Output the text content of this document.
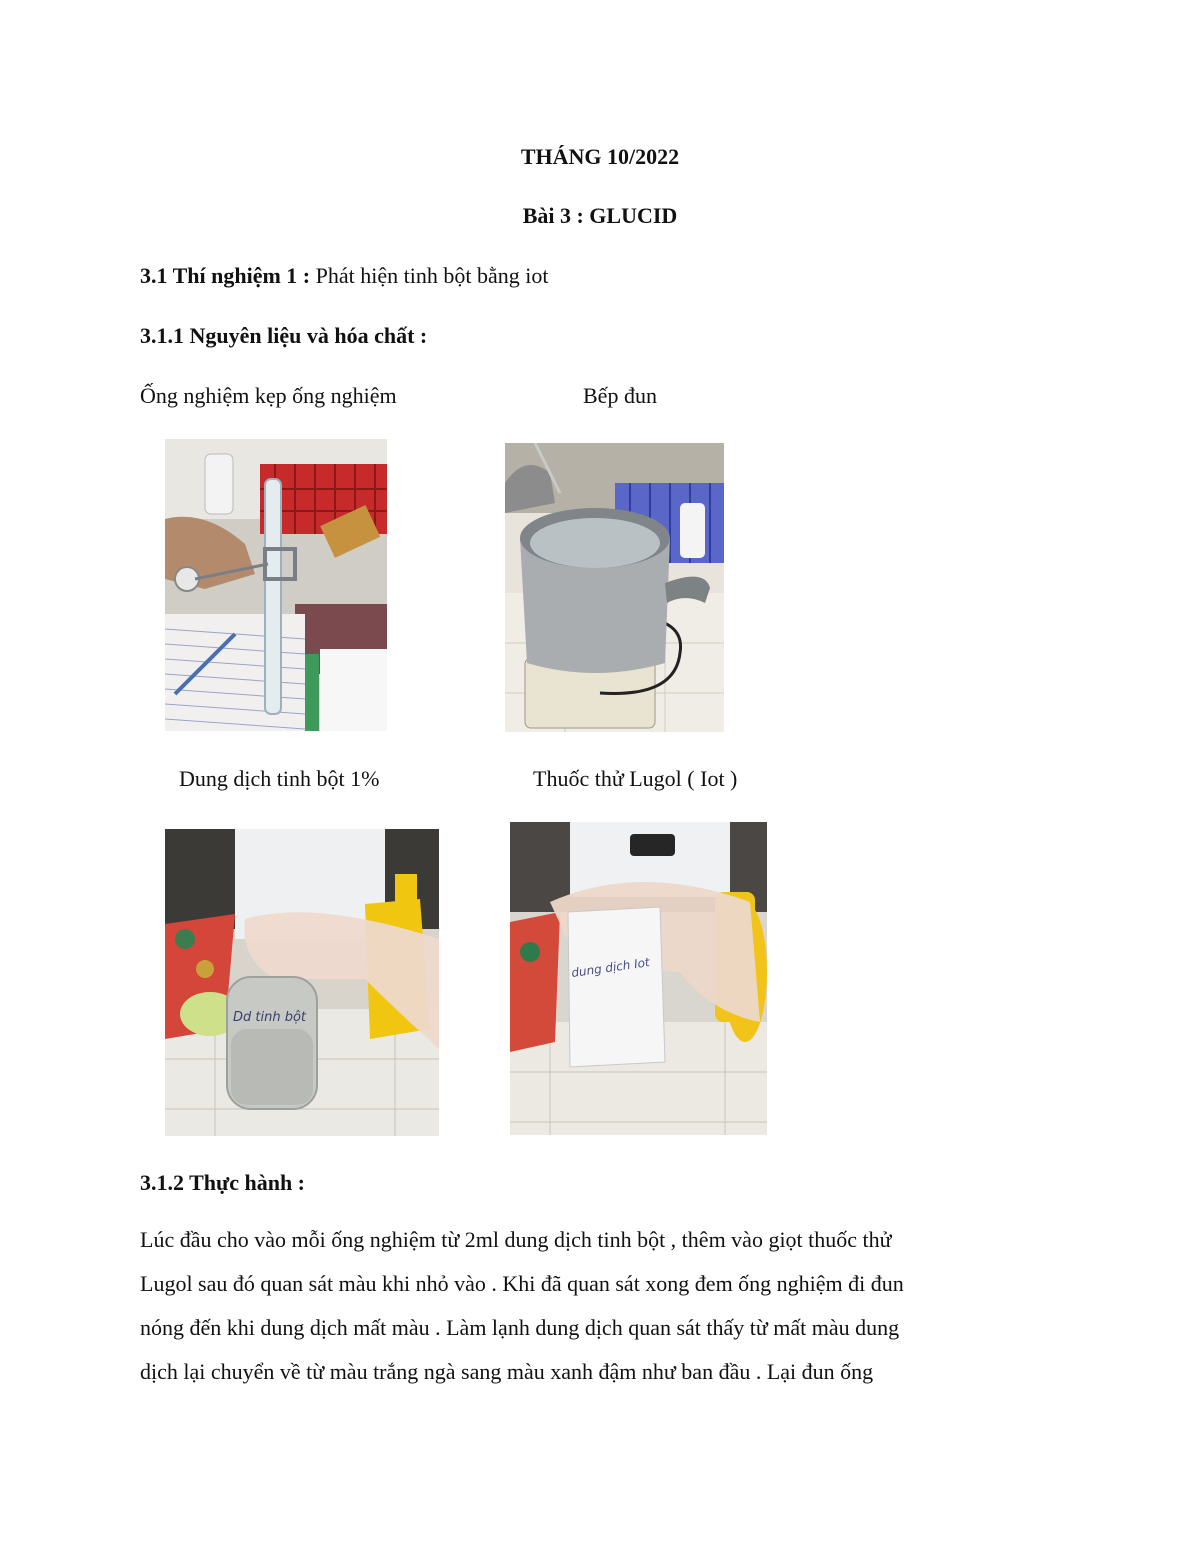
THÁNG 10/2022
Bài 3 : GLUCID
3.1 Thí nghiệm 1 : Phát hiện tinh bột bằng iot
3.1.1 Nguyên liệu và hóa chất :
Ống nghiệm kẹp ống nghiệm	Bếp đun
Dung dịch tinh bột 1%	Thuốc thử Lugol ( Iot )
Dd tinh bột
dung dịch Iot
3.1.2 Thực hành :
Lúc đầu cho vào mỗi ống nghiệm từ 2ml dung dịch tinh bột , thêm vào giọt thuốc thử
Lugol sau đó quan sát màu khi nhỏ vào . Khi đã quan sát xong đem ống nghiệm đi đun
nóng đến khi dung dịch mất màu . Làm lạnh dung dịch quan sát thấy từ mất màu dung
dịch lại chuyển về từ màu trắng ngà sang màu xanh đậm như ban đầu . Lại đun ống
